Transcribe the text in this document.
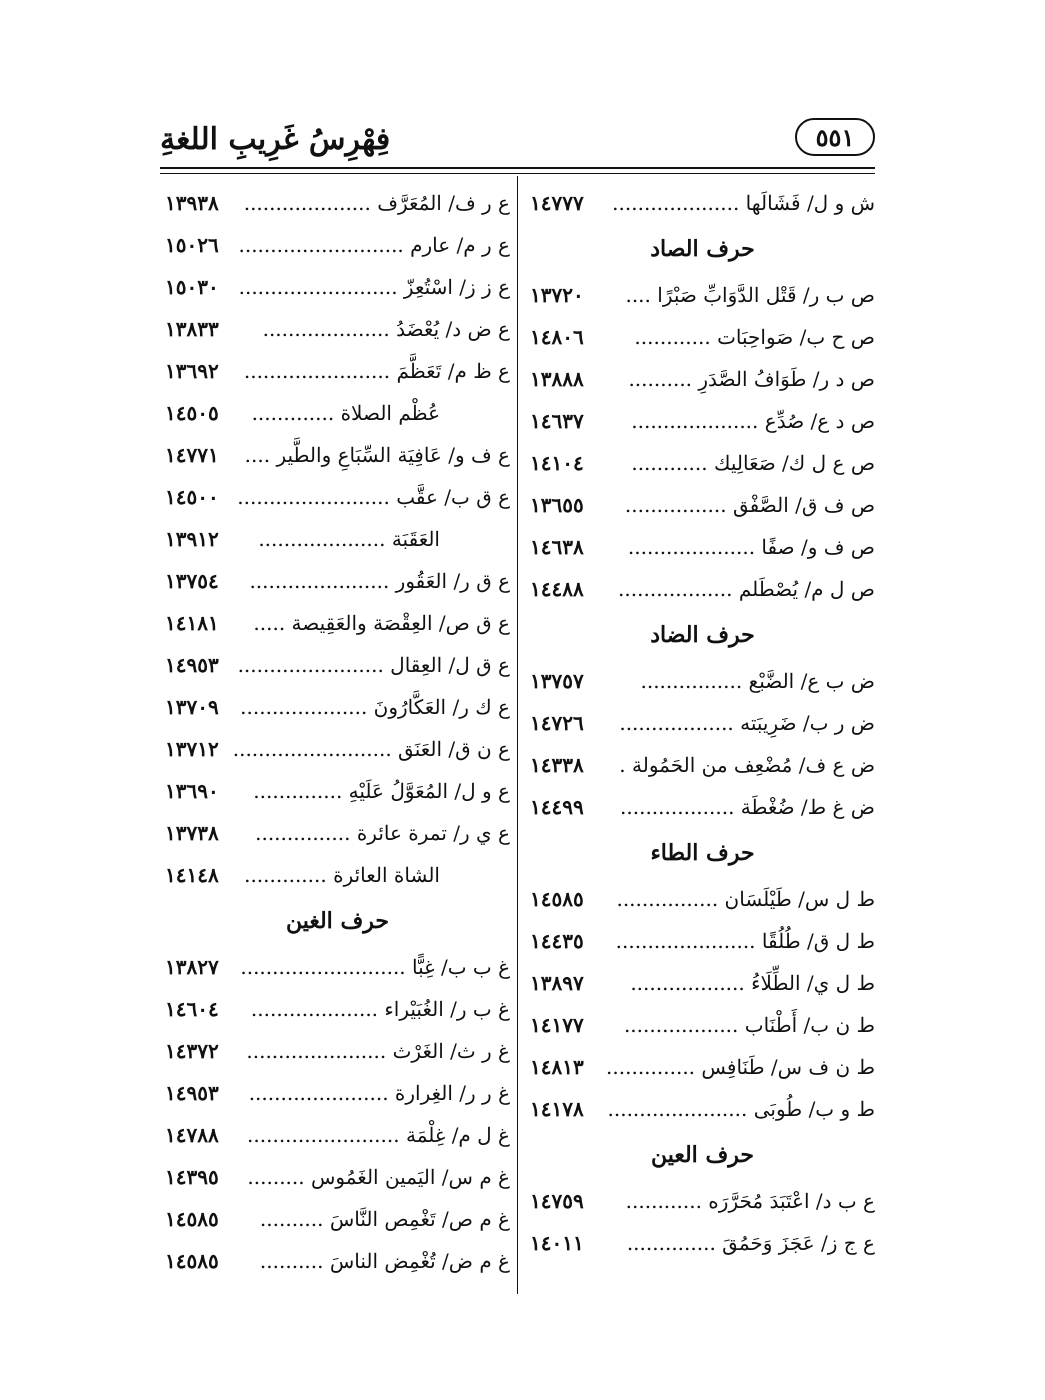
فِهْرِسُ غَرِيبِ اللغةِ	٥٥١
ش و ل/ فَشَالَها ....................
١٤٧٧٧
حرف الصاد
ص ب ر/ قَتْل الدَّوَابِّ صَبْرًا ....
١٣٧٢٠
ص ح ب/ صَواحِبَات ............
١٤٨٠٦
ص د ر/ طَوَافُ الصَّدَرِ ..........
١٣٨٨٨
ص د ع/ صُدِّع ....................
١٤٦٣٧
ص ع ل ك/ صَعَالِيك ............
١٤١٠٤
ص ف ق/ الصَّفْق ................
١٣٦٥٥
ص ف و/ صفًا ....................
١٤٦٣٨
ص ل م/ يُصْطَلم ..................
١٤٤٨٨
حرف الضاد
ض ب ع/ الضَّبْع ................
١٣٧٥٧
ض ر ب/ ضَرِيبَته ..................
١٤٧٢٦
ض ع ف/ مُضْعِف من الحَمُولة .
١٤٣٣٨
ض غ ط/ ضُغْطَة ..................
١٤٤٩٩
حرف الطاء
ط ل س/ طَيْلَسَان ................
١٤٥٨٥
ط ل ق/ طُلُقًا ......................
١٤٤٣٥
ط ل ي/ الطِّلَاءُ ..................
١٣٨٩٧
ط ن ب/ أَطْنَاب ..................
١٤١٧٧
ط ن ف س/ طَنَافِس ..............
١٤٨١٣
ط و ب/ طُوبَى ......................
١٤١٧٨
حرف العين
ع ب د/ اعْتَبَدَ مُحَرَّرَه ............
١٤٧٥٩
ع ج ز/ عَجَزَ وَحَمُقَ ..............
١٤٠١١
ع ر ف/ المُعَرَّف ....................
١٣٩٣٨
ع ر م/ عارم ..........................
١٥٠٢٦
ع ز ز/ اسْتُعِزّ .........................
١٥٠٣٠
ع ض د/ يُعْضَدُ ....................
١٣٨٣٣
ع ظ م/ تَعَظَّمَ .......................
١٣٦٩٢
عُظْم الصلاة .............
١٤٥٠٥
ع ف و/ عَافِيَة السِّبَاعِ والطَّير ....
١٤٧٧١
ع ق ب/ عقَّب ........................
١٤٥٠٠
العَقَبَة ....................
١٣٩١٢
ع ق ر/ العَقُور ......................
١٣٧٥٤
ع ق ص/ العِقْصَة والعَقِيصة .....
١٤١٨١
ع ق ل/ العِقال .......................
١٤٩٥٣
ع ك ر/ العَكَّارُونَ ....................
١٣٧٠٩
ع ن ق/ العَنَق .........................
١٣٧١٢
ع و ل/ المُعَوَّلُ عَلَيْهِ ..............
١٣٦٩٠
ع ي ر/ تمرة عائرة ...............
١٣٧٣٨
الشاة العائرة .............
١٤١٤٨
حرف الغين
غ ب ب/ غِبًّا ..........................
١٣٨٢٧
غ ب ر/ الغُبَيْراء ....................
١٤٦٠٤
غ ر ث/ الغَرْث ......................
١٤٣٧٢
غ ر ر/ الغِرارة ......................
١٤٩٥٣
غ ل م/ غِلْمَة ........................
١٤٧٨٨
غ م س/ اليَمين الغَمُوس .........
١٤٣٩٥
غ م ص/ تَغْمِص النَّاسَ ..........
١٤٥٨٥
غ م ض/ تُغْمِض الناسَ ..........
١٤٥٨٥
